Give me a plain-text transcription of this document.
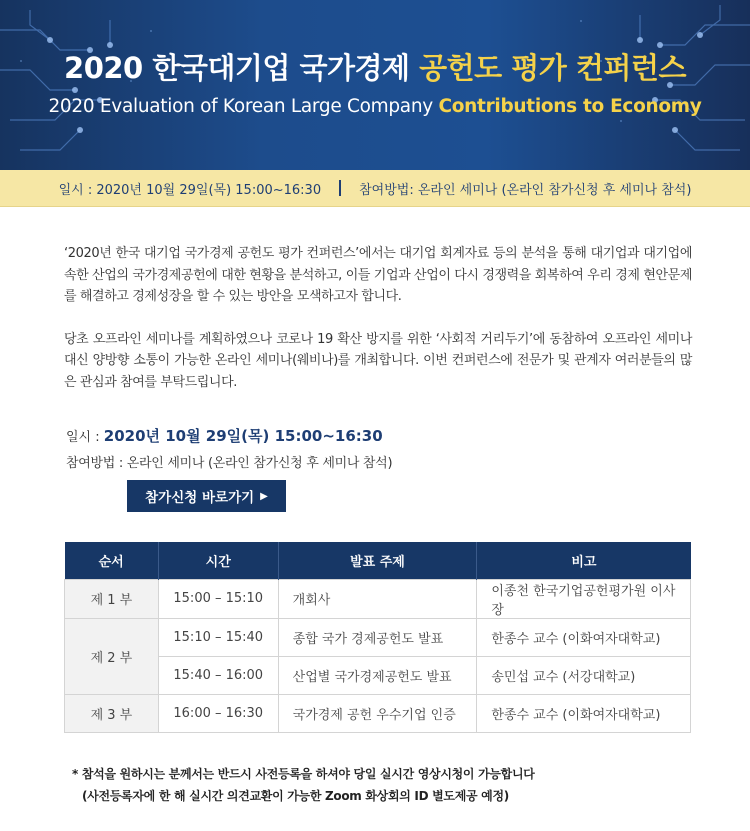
2020 한국대기업 국가경제 공헌도 평가 컨퍼런스
2020 Evaluation of Korean Large Company Contributions to Economy
일시 : 2020년 10월 29일(목) 15:00~16:30	참여방법: 온라인 세미나 (온라인 참가신청 후 세미나 참석)

‘2020년 한국 대기업 국가경제 공헌도 평가 컨퍼런스’에서는 대기업 회계자료 등의 분석을 통해 대기업과 대기업에 속한 산업의 국가경제공헌에 대한 현황을 분석하고, 이들 기업과 산업이 다시 경쟁력을 회복하여 우리 경제 현안문제를 해결하고 경제성장을 할 수 있는 방안을 모색하고자 합니다.

당초 오프라인 세미나를 계획하였으나 코로나 19 확산 방지를 위한 ‘사회적 거리두기’에 동참하여 오프라인 세미나 대신 양방향 소통이 가능한 온라인 세미나(웨비나)를 개최합니다. 이번 컨퍼런스에 전문가 및 관계자 여러분들의 많은 관심과 참여를 부탁드립니다.

일시 : 2020년 10월 29일(목) 15:00~16:30
참여방법 : 온라인 세미나 (온라인 참가신청 후 세미나 참석)
참가신청 바로가기 ▶
순서	시간	발표 주제	비고
제 1 부	15:00 – 15:10	개회사	이종천 한국기업공헌평가원 이사장
제 2 부	15:10 – 15:40	종합 국가 경제공헌도 발표	한종수 교수 (이화여자대학교)
	15:40 – 16:00	산업별 국가경제공헌도 발표	송민섭 교수 (서강대학교)
제 3 부	16:00 – 16:30	국가경제 공헌 우수기업 인증	한종수 교수 (이화여자대학교)
* 참석을 원하시는 분께서는 반드시 사전등록을 하셔야 당일 실시간 영상시청이 가능합니다
(사전등록자에 한 해 실시간 의견교환이 가능한 Zoom 화상회의 ID 별도제공 예정)
